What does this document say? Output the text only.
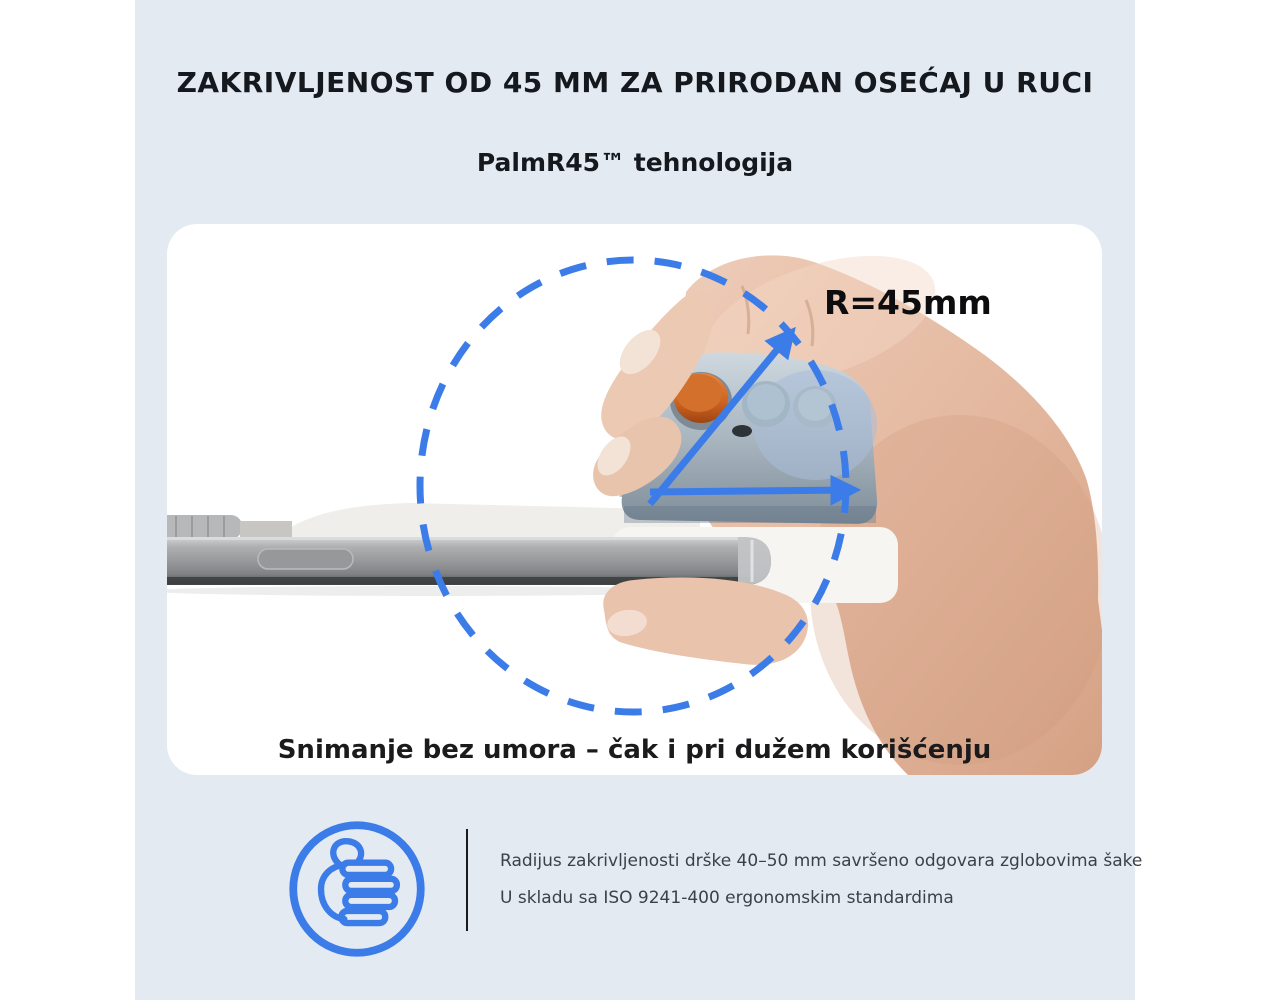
ZAKRIVLJENOST OD 45 MM ZA PRIRODAN OSEĆAJ U RUCI
PalmR45™ tehnologija
R=45mm
Snimanje bez umora – čak i pri dužem korišćenju
Radijus zakrivljenosti drške 40–50 mm savršeno odgovara zglobovima šake
U skladu sa ISO 9241-400 ergonomskim standardima
